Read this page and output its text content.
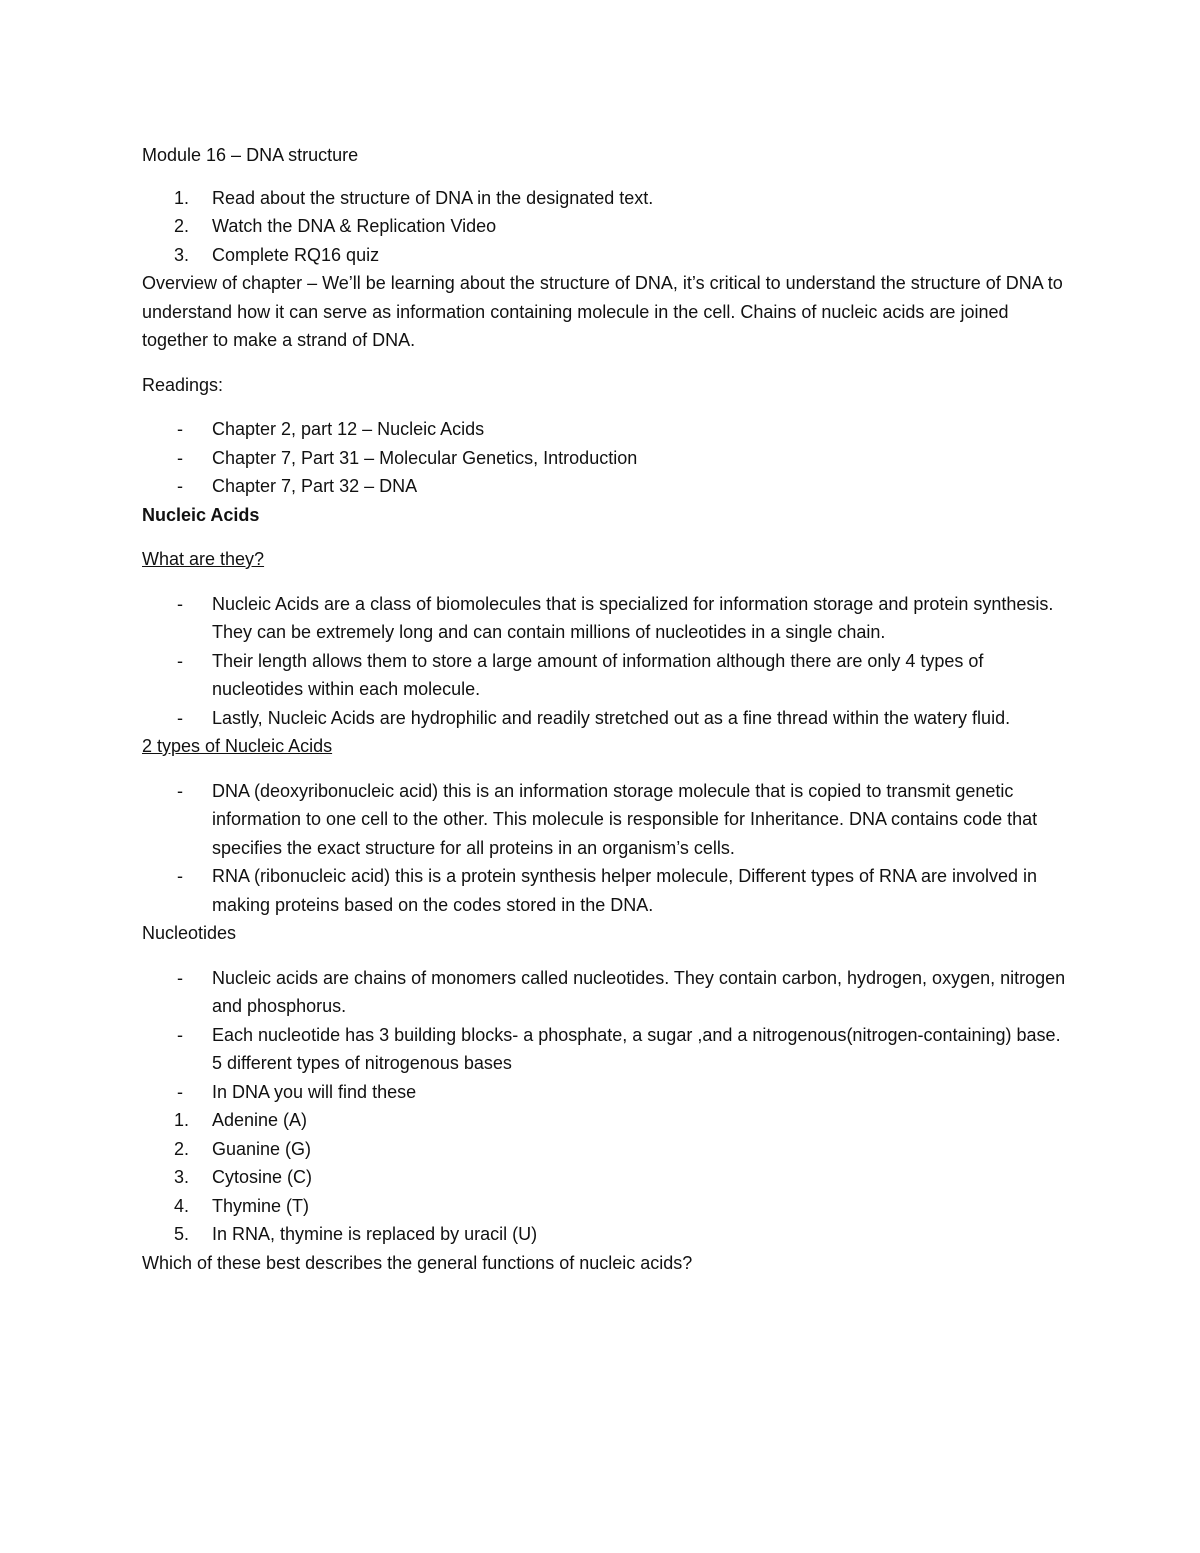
Module 16 – DNA structure

1. Read about the structure of DNA in the designated text.
2. Watch the DNA & Replication Video
3. Complete RQ16 quiz

Overview of chapter – We’ll be learning about the structure of DNA, it’s critical to understand the structure of DNA to understand how it can serve as information containing molecule in the cell. Chains of nucleic acids are joined together to make a strand of DNA.

Readings:

- Chapter 2, part 12 – Nucleic Acids
- Chapter 7, Part 31 – Molecular Genetics, Introduction
- Chapter 7, Part 32 – DNA

Nucleic Acids

What are they?

- Nucleic Acids are a class of biomolecules that is specialized for information storage and protein synthesis. They can be extremely long and can contain millions of nucleotides in a single chain.
- Their length allows them to store a large amount of information although there are only 4 types of nucleotides within each molecule.
- Lastly, Nucleic Acids are hydrophilic and readily stretched out as a fine thread within the watery fluid.

2 types of Nucleic Acids

- DNA (deoxyribonucleic acid) this is an information storage molecule that is copied to transmit genetic information to one cell to the other. This molecule is responsible for Inheritance. DNA contains code that specifies the exact structure for all proteins in an organism’s cells.
- RNA (ribonucleic acid) this is a protein synthesis helper molecule, Different types of RNA are involved in making proteins based on the codes stored in the DNA.

Nucleotides

- Nucleic acids are chains of monomers called nucleotides. They contain carbon, hydrogen, oxygen, nitrogen and phosphorus.
- Each nucleotide has 3 building blocks- a phosphate, a sugar ,and a nitrogenous(nitrogen-containing) base.
5 different types of nitrogenous bases
- In DNA you will find these
1. Adenine (A)
2. Guanine (G)
3. Cytosine (C)
4. Thymine (T)
5. In RNA, thymine is replaced by uracil (U)

Which of these best describes the general functions of nucleic acids?
